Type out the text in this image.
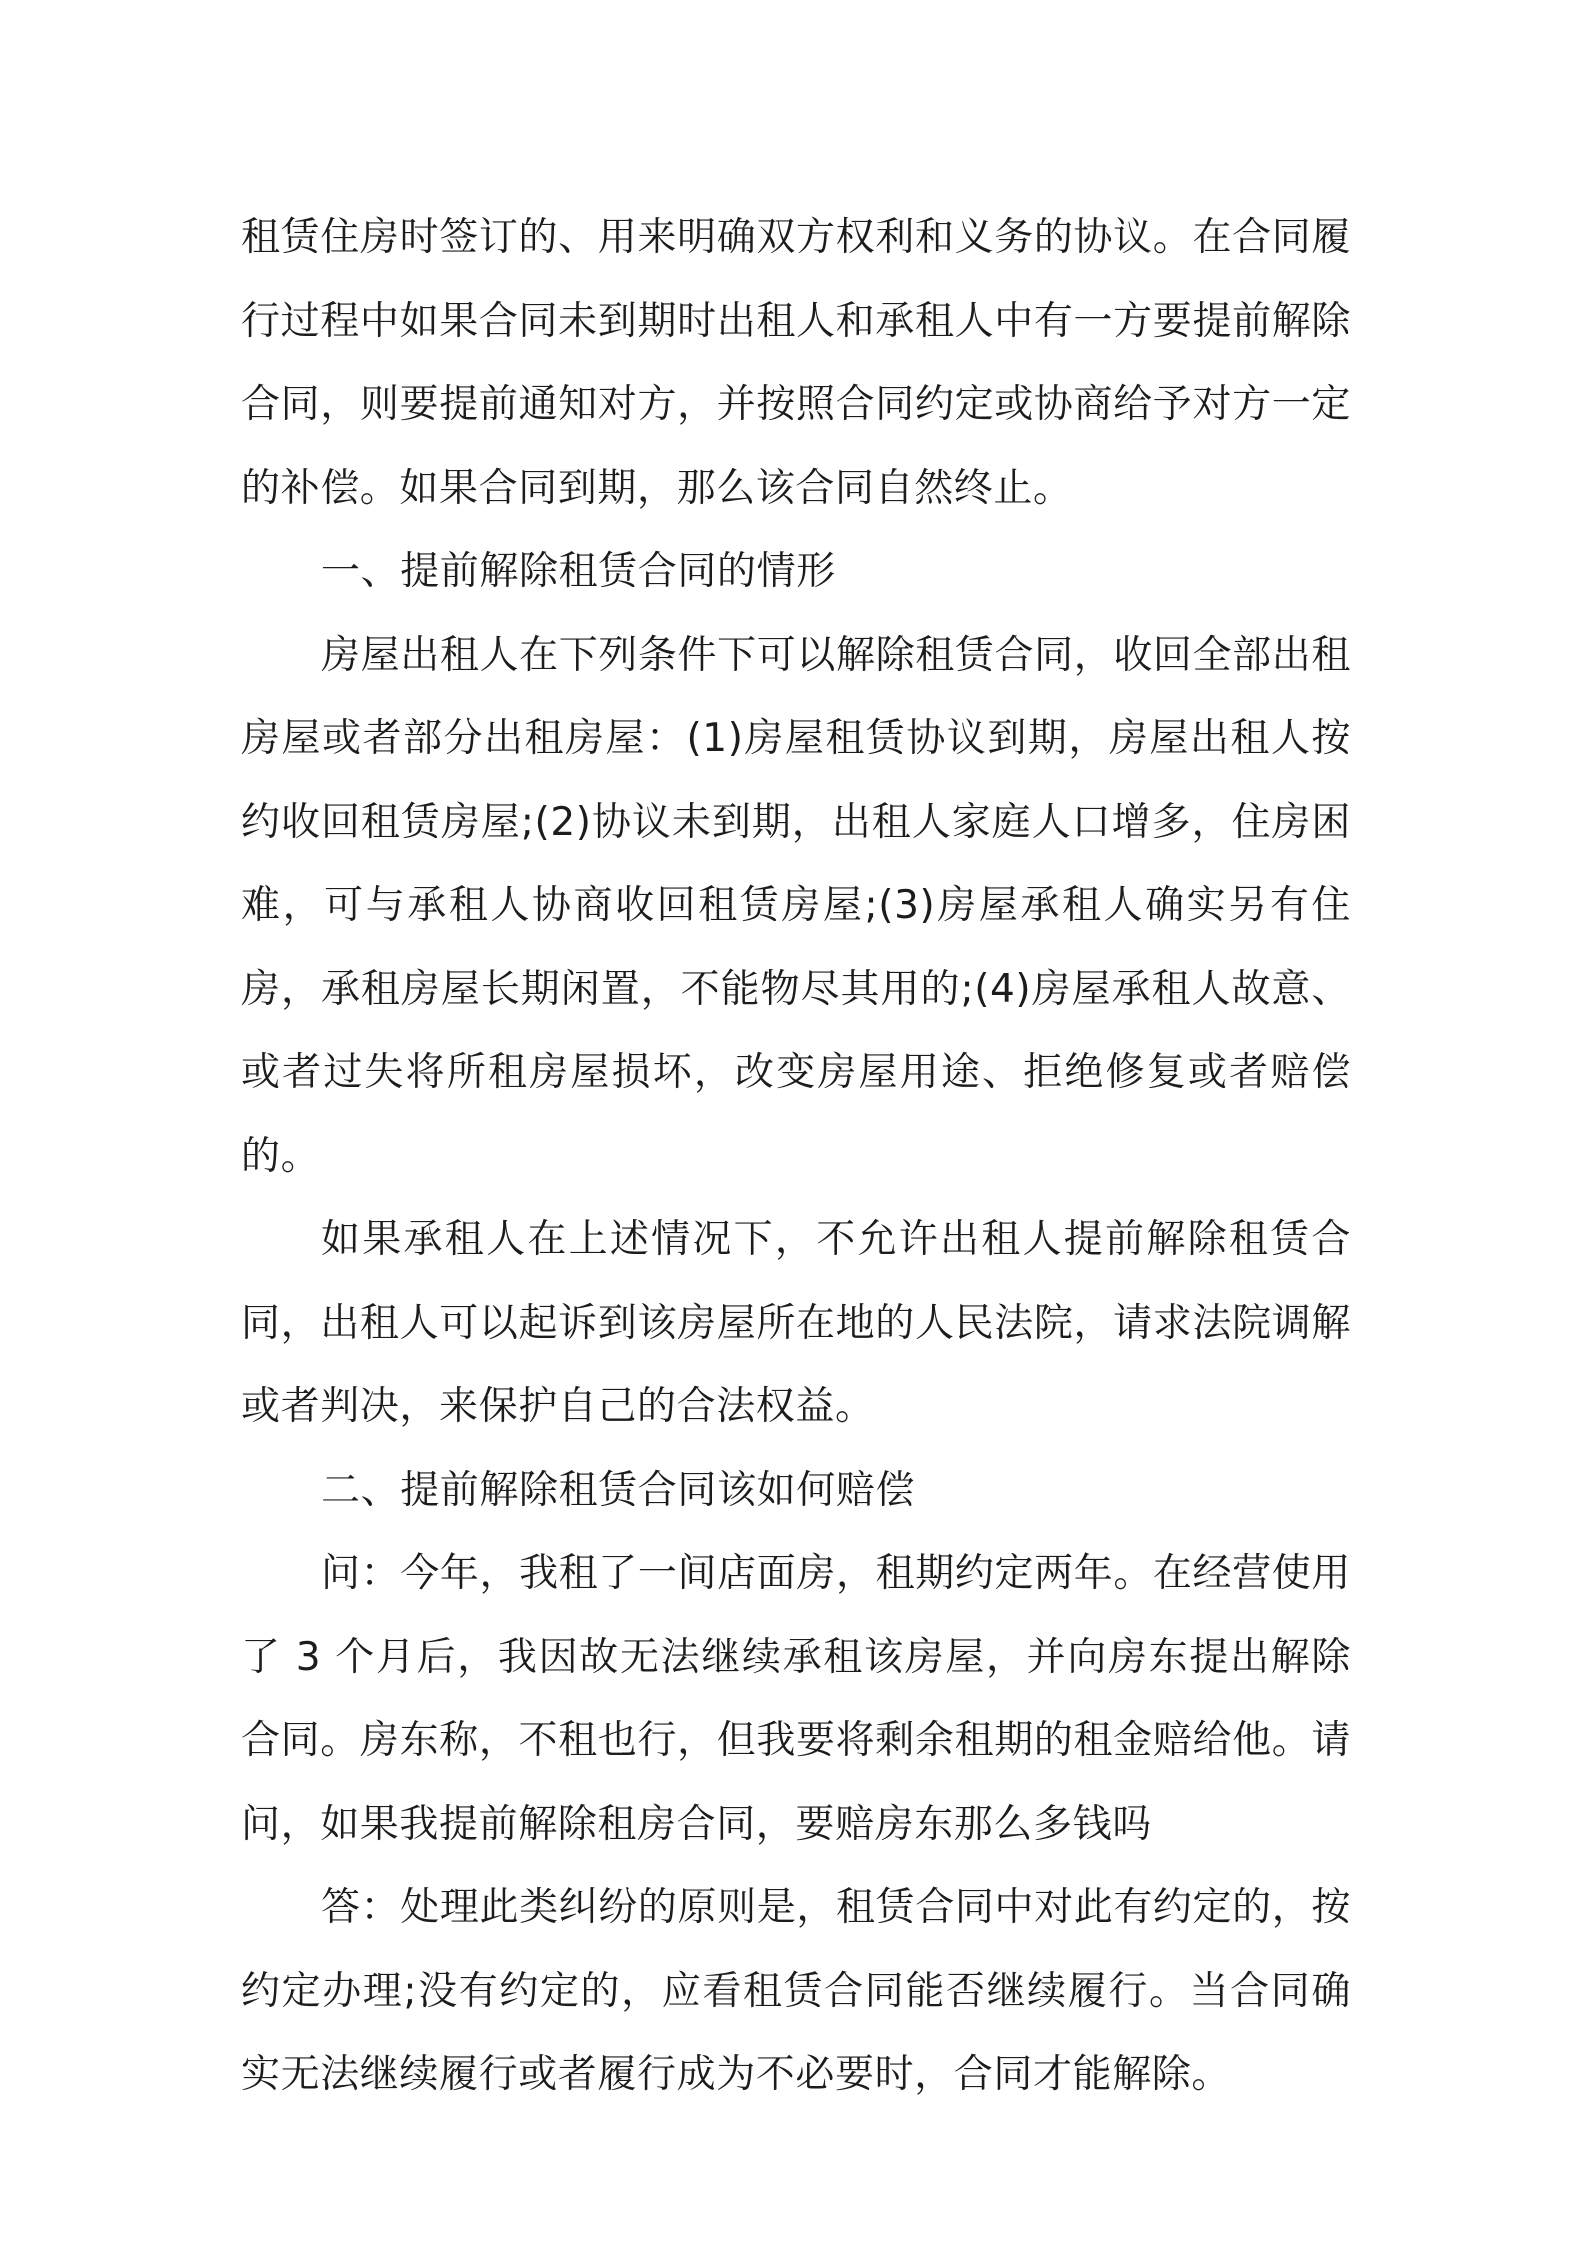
租赁住房时签订的、用来明确双方权利和义务的协议。在合同履行过程中如果合同未到期时出租人和承租人中有一方要提前解除合同，则要提前通知对方，并按照合同约定或协商给予对方一定的补偿。如果合同到期，那么该合同自然终止。

一、提前解除租赁合同的情形

房屋出租人在下列条件下可以解除租赁合同，收回全部出租房屋或者部分出租房屋：(1)房屋租赁协议到期，房屋出租人按约收回租赁房屋;(2)协议未到期，出租人家庭人口增多，住房困难，可与承租人协商收回租赁房屋;(3)房屋承租人确实另有住房，承租房屋长期闲置，不能物尽其用的;(4)房屋承租人故意、或者过失将所租房屋损坏，改变房屋用途、拒绝修复或者赔偿的。

如果承租人在上述情况下，不允许出租人提前解除租赁合同，出租人可以起诉到该房屋所在地的人民法院，请求法院调解或者判决，来保护自己的合法权益。

二、提前解除租赁合同该如何赔偿

问：今年，我租了一间店面房，租期约定两年。在经营使用了 3 个月后，我因故无法继续承租该房屋，并向房东提出解除合同。房东称，不租也行，但我要将剩余租期的租金赔给他。请问，如果我提前解除租房合同，要赔房东那么多钱吗

答：处理此类纠纷的原则是，租赁合同中对此有约定的，按约定办理;没有约定的，应看租赁合同能否继续履行。当合同确实无法继续履行或者履行成为不必要时，合同才能解除。
